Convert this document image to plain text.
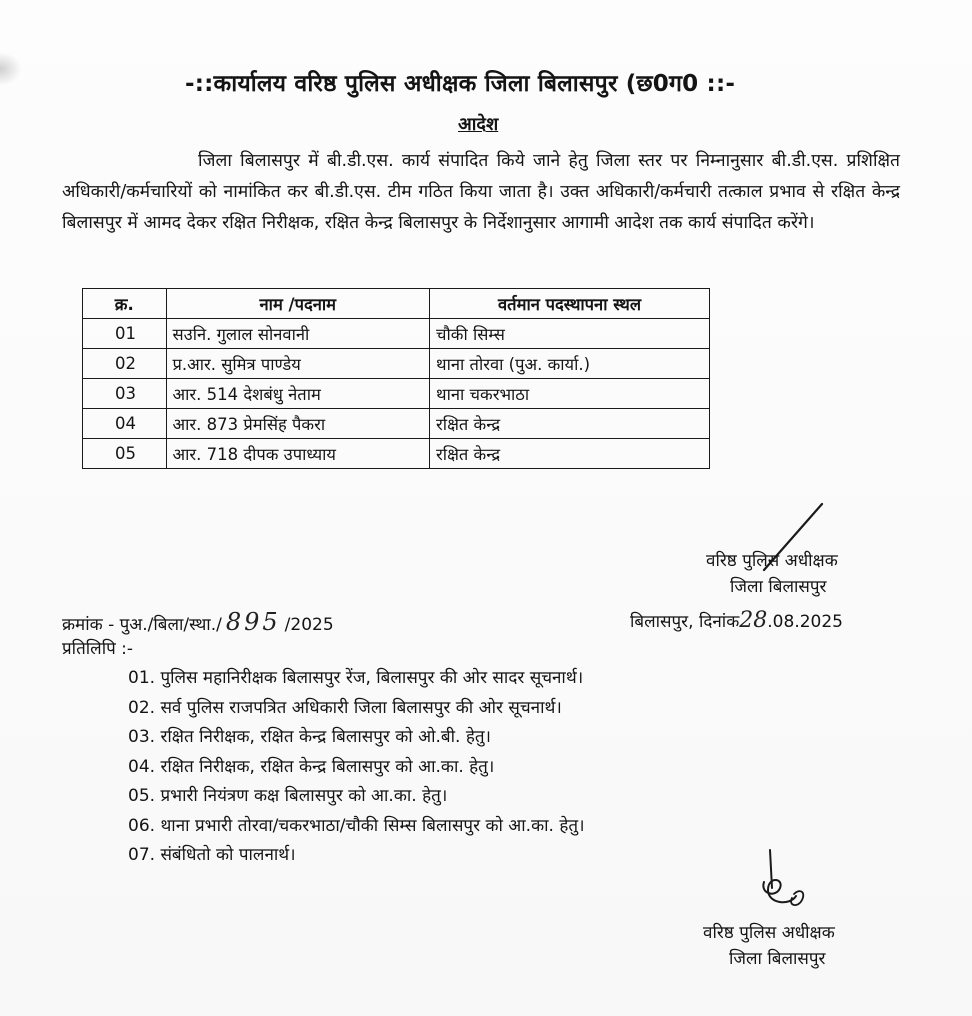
-::कार्यालय वरिष्ठ पुलिस अधीक्षक जिला बिलासपुर (छ0ग0 ::-
आदेश
जिला बिलासपुर में बी.डी.एस. कार्य संपादित किये जाने हेतु जिला स्तर पर निम्नानुसार बी.डी.एस. प्रशिक्षित अधिकारी/कर्मचारियों को नामांकित कर बी.डी.एस. टीम गठित किया जाता है। उक्त अधिकारी/कर्मचारी तत्काल प्रभाव से रक्षित केन्द्र बिलासपुर में आमद देकर रक्षित निरीक्षक, रक्षित केन्द्र बिलासपुर के निर्देशानुसार आगामी आदेश तक कार्य संपादित करेंगे।
क्र.	नाम /पदनाम	वर्तमान पदस्थापना स्थल
01	सउनि. गुलाल सोनवानी	चौकी सिम्स
02	प्र.आर. सुमित्र पाण्डेय	थाना तोरवा (पुअ. कार्या.)
03	आर. 514 देशबंधु नेताम	थाना चकरभाठा
04	आर. 873 प्रेमसिंह पैकरा	रक्षित केन्द्र
05	आर. 718 दीपक उपाध्याय	रक्षित केन्द्र
वरिष्ठ पुलिस अधीक्षक
जिला बिलासपुर
क्रमांक - पुअ./बिला/स्था./ 895 /2025	बिलासपुर, दिनांक28.08.2025
प्रतिलिपि :-
01. पुलिस महानिरीक्षक बिलासपुर रेंज, बिलासपुर की ओर सादर सूचनार्थ।
02. सर्व पुलिस राजपत्रित अधिकारी जिला बिलासपुर की ओर सूचनार्थ।
03. रक्षित निरीक्षक, रक्षित केन्द्र बिलासपुर को ओ.बी. हेतु।
04. रक्षित निरीक्षक, रक्षित केन्द्र बिलासपुर को आ.का. हेतु।
05. प्रभारी नियंत्रण कक्ष बिलासपुर को आ.का. हेतु।
06. थाना प्रभारी तोरवा/चकरभाठा/चौकी सिम्स बिलासपुर को आ.का. हेतु।
07. संबंधितो को पालनार्थ।
वरिष्ठ पुलिस अधीक्षक
जिला बिलासपुर
